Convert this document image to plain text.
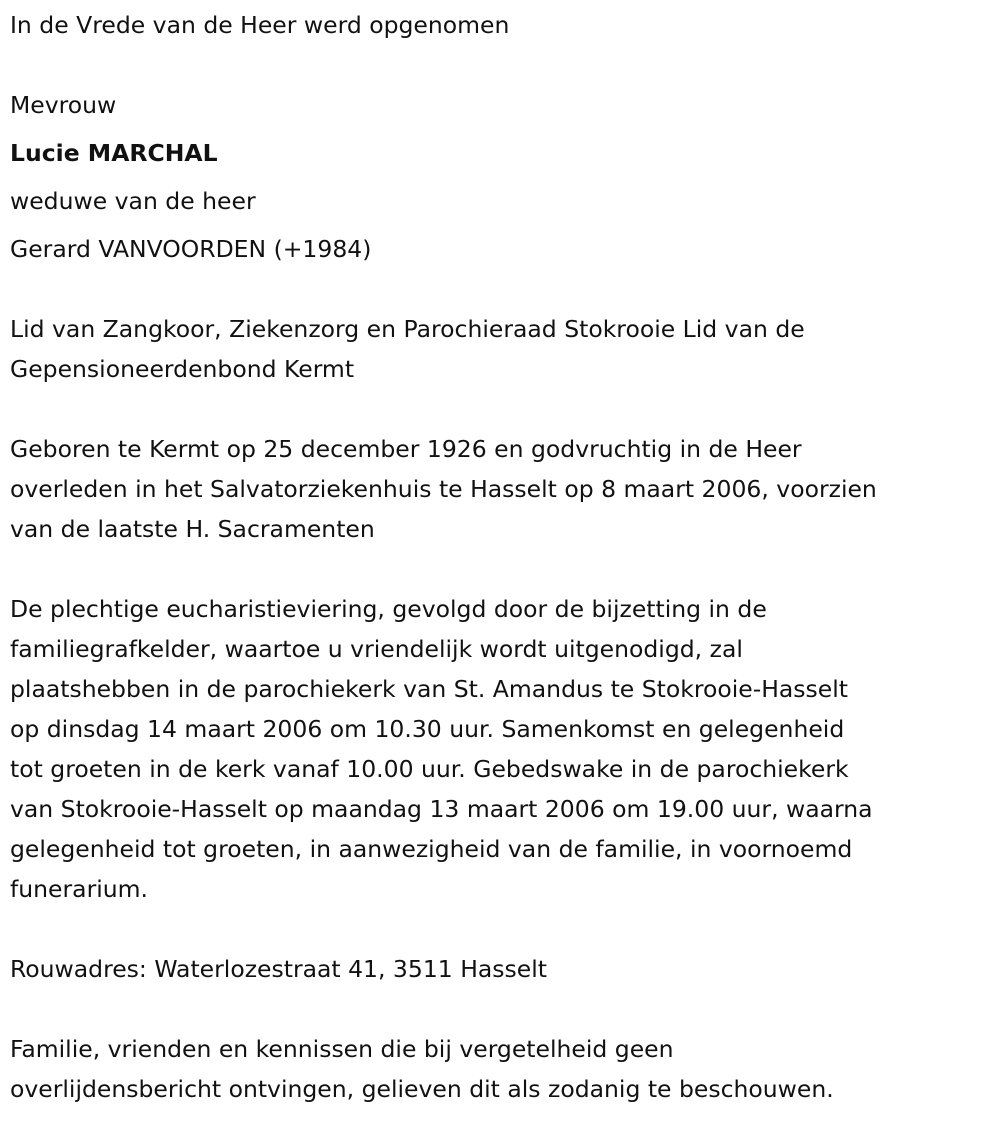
In de Vrede van de Heer werd opgenomen
Mevrouw
Lucie MARCHAL
weduwe van de heer
Gerard VANVOORDEN (+1984)
Lid van Zangkoor, Ziekenzorg en Parochieraad Stokrooie Lid van de
Gepensioneerdenbond Kermt
Geboren te Kermt op 25 december 1926 en godvruchtig in de Heer
overleden in het Salvatorziekenhuis te Hasselt op 8 maart 2006, voorzien
van de laatste H. Sacramenten
De plechtige eucharistieviering, gevolgd door de bijzetting in de
familiegrafkelder, waartoe u vriendelijk wordt uitgenodigd, zal
plaatshebben in de parochiekerk van St. Amandus te Stokrooie-Hasselt
op dinsdag 14 maart 2006 om 10.30 uur. Samenkomst en gelegenheid
tot groeten in de kerk vanaf 10.00 uur. Gebedswake in de parochiekerk
van Stokrooie-Hasselt op maandag 13 maart 2006 om 19.00 uur, waarna
gelegenheid tot groeten, in aanwezigheid van de familie, in voornoemd
funerarium.
Rouwadres: Waterlozestraat 41, 3511 Hasselt
Familie, vrienden en kennissen die bij vergetelheid geen
overlijdensbericht ontvingen, gelieven dit als zodanig te beschouwen.
